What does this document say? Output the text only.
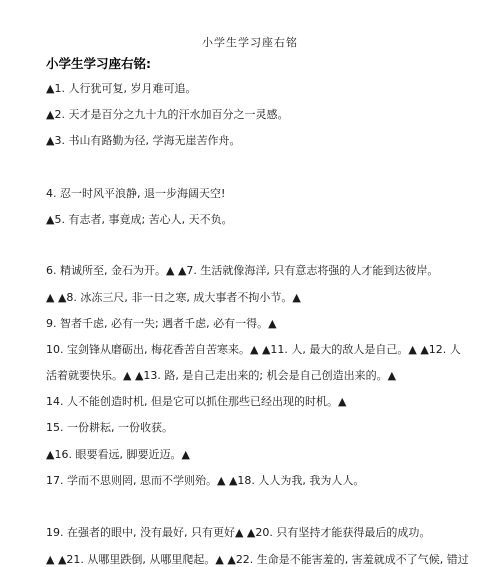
小学生学习座右铭
小学生学习座右铭:
▲1. 人行犹可复, 岁月难可追。
▲2. 天才是百分之九十九的汗水加百分之一灵感。
▲3. 书山有路勤为径, 学海无崖苦作舟。
4. 忍一时风平浪静, 退一步海阔天空!
▲5. 有志者, 事竟成; 苦心人, 天不负。
6. 精诚所至, 金石为开。▲ ▲7. 生活就像海洋, 只有意志将强的人才能到达彼岸。
▲ ▲8. 冰冻三尺, 非一日之寒, 成大事者不拘小节。▲
9. 智者千虑, 必有一失; 遇者千虑, 必有一得。▲
10. 宝剑锋从磨砺出, 梅花香苦自苦寒来。▲ ▲11. 人, 最大的敌人是自己。▲ ▲12. 人
活着就要快乐。▲ ▲13. 路, 是自己走出来的; 机会是自己创造出来的。▲
14. 人不能创造时机, 但是它可以抓住那些已经出现的时机。▲
15. 一份耕耘, 一份收获。
▲16. 眼要看远, 脚要近迈。▲
17. 学而不思则罔, 思而不学则殆。▲ ▲18. 人人为我, 我为人人。
19. 在强者的眼中, 没有最好, 只有更好▲ ▲20. 只有坚持才能获得最后的成功。
▲ ▲21. 从哪里跌倒, 从哪里爬起。▲ ▲22. 生命是不能害羞的, 害羞就成不了气候, 错过
